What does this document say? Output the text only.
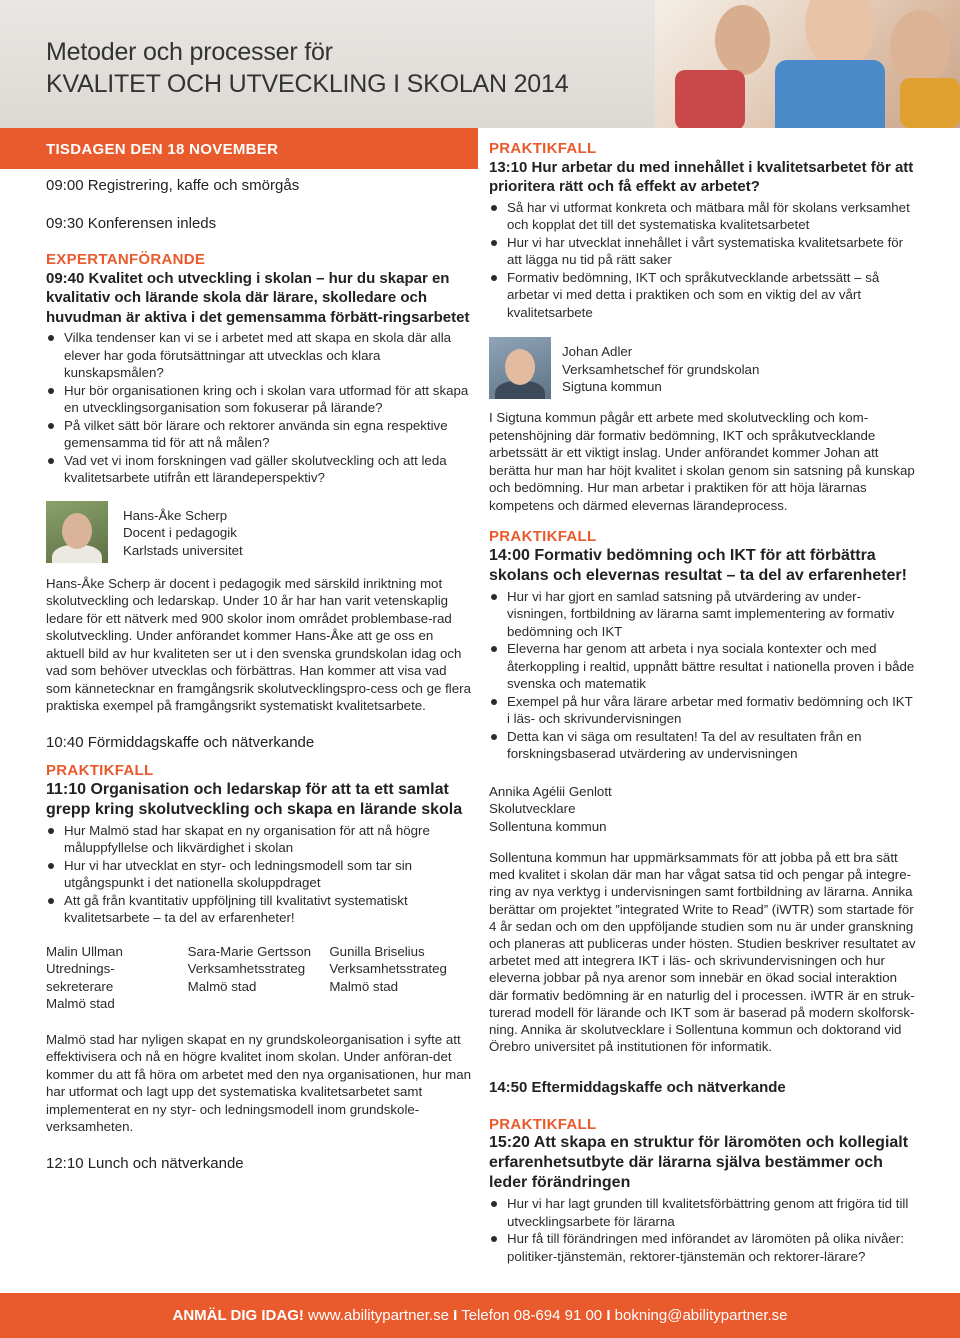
Metoder och processer för
KVALITET OCH UTVECKLING I SKOLAN 2014
TISDAGEN DEN 18 NOVEMBER
09:00 Registrering, kaffe och smörgås
09:30 Konferensen inleds
EXPERTANFÖRANDE
09:40 Kvalitet och utveckling i skolan – hur du skapar en kvalitativ och lärande skola där lärare, skolledare och huvudman är aktiva i det gemensamma förbätt-ringsarbetet
Vilka tendenser kan vi se i arbetet med att skapa en skola där alla elever har goda förutsättningar att utvecklas och klara kunskapsmålen?
Hur bör organisationen kring och i skolan vara utformad för att skapa en utvecklingsorganisation som fokuserar på lärande?
På vilket sätt bör lärare och rektorer använda sin egna respektive gemensamma tid för att nå målen?
Vad vet vi inom forskningen vad gäller skolutveckling och att leda kvalitetsarbete utifrån ett lärandeperspektiv?
Hans-Åke Scherp
Docent i pedagogik
Karlstads universitet
Hans-Åke Scherp är docent i pedagogik med särskild inriktning mot skolutveckling och ledarskap. Under 10 år har han varit vetenskaplig ledare för ett nätverk med 900 skolor inom området problembase-rad skolutveckling. Under anförandet kommer Hans-Åke att ge oss en aktuell bild av hur kvaliteten ser ut i den svenska grundskolan idag och vad som behöver utvecklas och förbättras. Han kommer att visa vad som kännetecknar en framgångsrik skolutvecklingspro-cess och ge flera praktiska exempel på framgångsrikt systematiskt kvalitetsarbete.
10:40 Förmiddagskaffe och nätverkande
PRAKTIKFALL
11:10 Organisation och ledarskap för att ta ett samlat grepp kring skolutveckling och skapa en lärande skola
Hur Malmö stad har skapat en ny organisation för att nå högre måluppfyllelse och likvärdighet i skolan
Hur vi har utvecklat en styr- och ledningsmodell som tar sin utgångspunkt i det nationella skoluppdraget
Att gå från kvantitativ uppföljning till kvalitativt systematiskt kvalitetsarbete – ta del av erfarenheter!
Malin Ullman
Utrednings-sekreterare
Malmö stad
Sara-Marie Gertsson
Verksamhetsstrateg
Malmö stad
Gunilla Briselius
Verksamhetsstrateg
Malmö stad
Malmö stad har nyligen skapat en ny grundskoleorganisation i syfte att effektivisera och nå en högre kvalitet inom skolan. Under anföran-det kommer du att få höra om arbetet med den nya organisationen, hur man har utformat och lagt upp det systematiska kvalitetsarbetet samt implementerat en ny styr- och ledningsmodell inom grundskole-verksamheten.
12:10 Lunch och nätverkande
PRAKTIKFALL
13:10 Hur arbetar du med innehållet i kvalitetsarbetet för att prioritera rätt och få effekt av arbetet?
Så har vi utformat konkreta och mätbara mål för skolans verksamhet och kopplat det till det systematiska kvalitetsarbetet
Hur vi har utvecklat innehållet i vårt systematiska kvalitetsarbete för att lägga nu tid på rätt saker
Formativ bedömning, IKT och språkutvecklande arbetssätt – så arbetar vi med detta i praktiken och som en viktig del av vårt kvalitetsarbete
Johan Adler
Verksamhetschef för grundskolan
Sigtuna kommun
I Sigtuna kommun pågår ett arbete med skolutveckling och kom-petenshöjning där formativ bedömning, IKT och språkutvecklande arbetssätt är ett viktigt inslag. Under anförandet kommer Johan att berätta hur man har höjt kvalitet i skolan genom sin satsning på kunskap och bedömning. Hur man arbetar i praktiken för att höja lärarnas kompetens och därmed elevernas lärandeprocess.
PRAKTIKFALL
14:00 Formativ bedömning och IKT för att förbättra skolans och elevernas resultat – ta del av erfarenheter!
Hur vi har gjort en samlad satsning på utvärdering av under-visningen, fortbildning av lärarna samt implementering av formativ bedömning och IKT
Eleverna har genom att arbeta i nya sociala kontexter och med återkoppling i realtid, uppnått bättre resultat i nationella proven i både svenska och matematik
Exempel på hur våra lärare arbetar med formativ bedömning och IKT i läs- och skrivundervisningen
Detta kan vi säga om resultaten! Ta del av resultaten från en forskningsbaserad utvärdering av undervisningen
Annika Agélii Genlott
Skolutvecklare
Sollentuna kommun
Sollentuna kommun har uppmärksammats för att jobba på ett bra sätt med kvalitet i skolan där man har vågat satsa tid och pengar på integre-ring av nya verktyg i undervisningen samt fortbildning av lärarna. Annika berättar om projektet ”integrated Write to Read” (iWTR) som startade för 4 år sedan och om den uppföljande studien som nu är under granskning och planeras att publiceras under hösten. Studien beskriver resultatet av arbetet med att integrera IKT i läs- och skrivundervisningen och hur eleverna jobbar på nya arenor som innebär en ökad social interaktion där formativ bedömning är en naturlig del i processen. iWTR är en struk-turerad modell för lärande och IKT som är baserad på modern skolforsk-ning. Annika är skolutvecklare i Sollentuna kommun och doktorand vid Örebro universitet på institutionen för informatik.
14:50 Eftermiddagskaffe och nätverkande
PRAKTIKFALL
15:20 Att skapa en struktur för läromöten och kollegialt erfarenhetsutbyte där lärarna själva bestämmer och leder förändringen
Hur vi har lagt grunden till kvalitetsförbättring genom att frigöra tid till utvecklingsarbete för lärarna
Hur få till förändringen med införandet av läromöten på olika nivåer: politiker-tjänstemän, rektorer-tjänstemän och rektorer-lärare?
ANMÄL DIG IDAG! www.abilitypartner.se I Telefon 08-694 91 00 I bokning@abilitypartner.se
